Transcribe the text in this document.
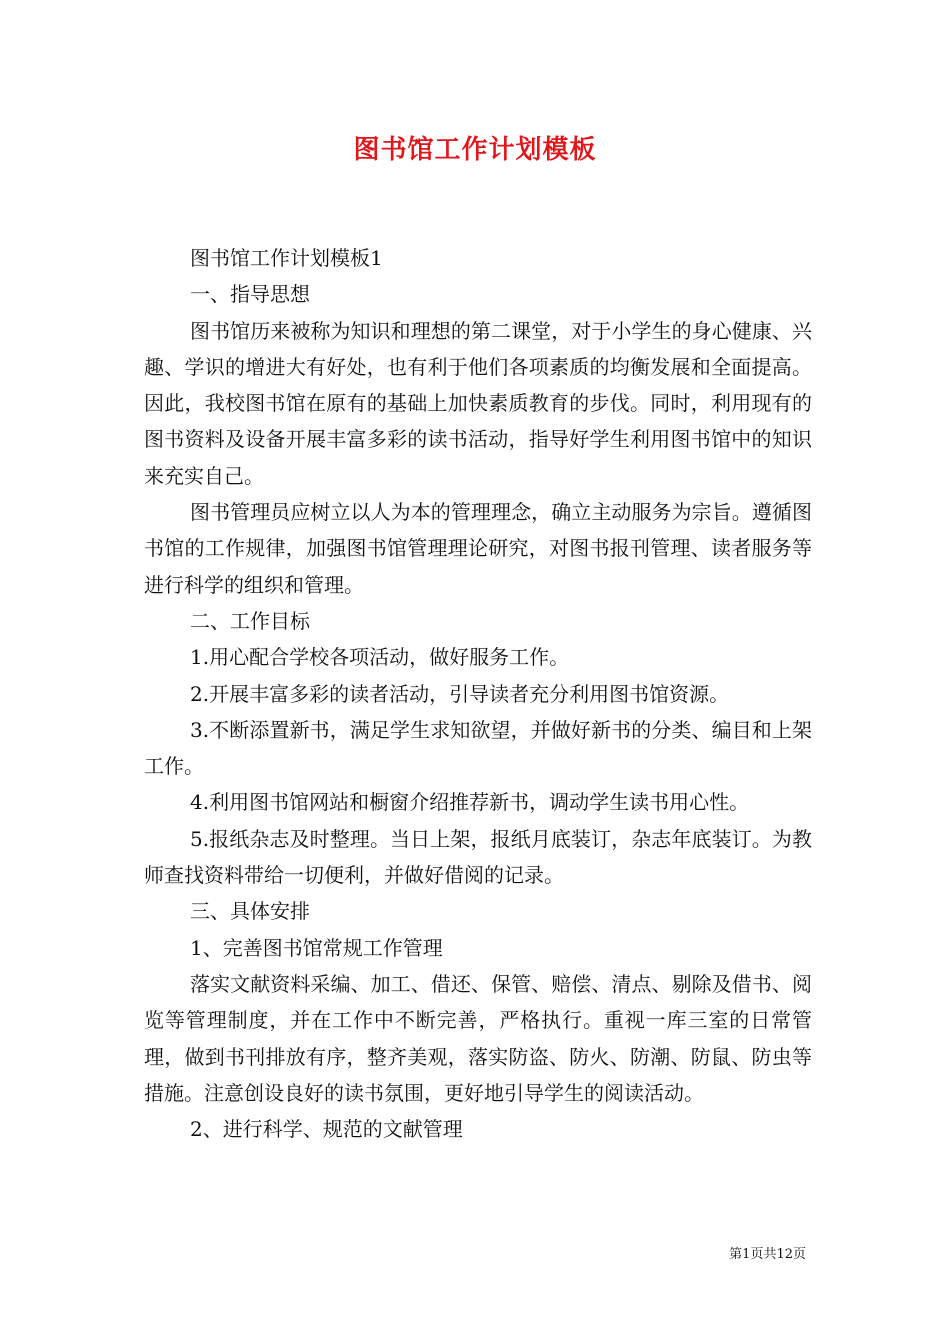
图书馆工作计划模板

图书馆工作计划模板1

一、指导思想

图书馆历来被称为知识和理想的第二课堂，对于小学生的身心健康、兴趣、学识的增进大有好处，也有利于他们各项素质的均衡发展和全面提高。因此，我校图书馆在原有的基础上加快素质教育的步伐。同时，利用现有的图书资料及设备开展丰富多彩的读书活动，指导好学生利用图书馆中的知识来充实自己。

图书管理员应树立以人为本的管理理念，确立主动服务为宗旨。遵循图书馆的工作规律，加强图书馆管理理论研究，对图书报刊管理、读者服务等进行科学的组织和管理。

二、工作目标

1.用心配合学校各项活动，做好服务工作。

2.开展丰富多彩的读者活动，引导读者充分利用图书馆资源。

3.不断添置新书，满足学生求知欲望，并做好新书的分类、编目和上架工作。

4.利用图书馆网站和橱窗介绍推荐新书，调动学生读书用心性。

5.报纸杂志及时整理。当日上架，报纸月底装订，杂志年底装订。为教师查找资料带给一切便利，并做好借阅的记录。

三、具体安排

1、完善图书馆常规工作管理

落实文献资料采编、加工、借还、保管、赔偿、清点、剔除及借书、阅览等管理制度，并在工作中不断完善，严格执行。重视一库三室的日常管理，做到书刊排放有序，整齐美观，落实防盗、防火、防潮、防鼠、防虫等措施。注意创设良好的读书氛围，更好地引导学生的阅读活动。

2、进行科学、规范的文献管理

第1页共12页
